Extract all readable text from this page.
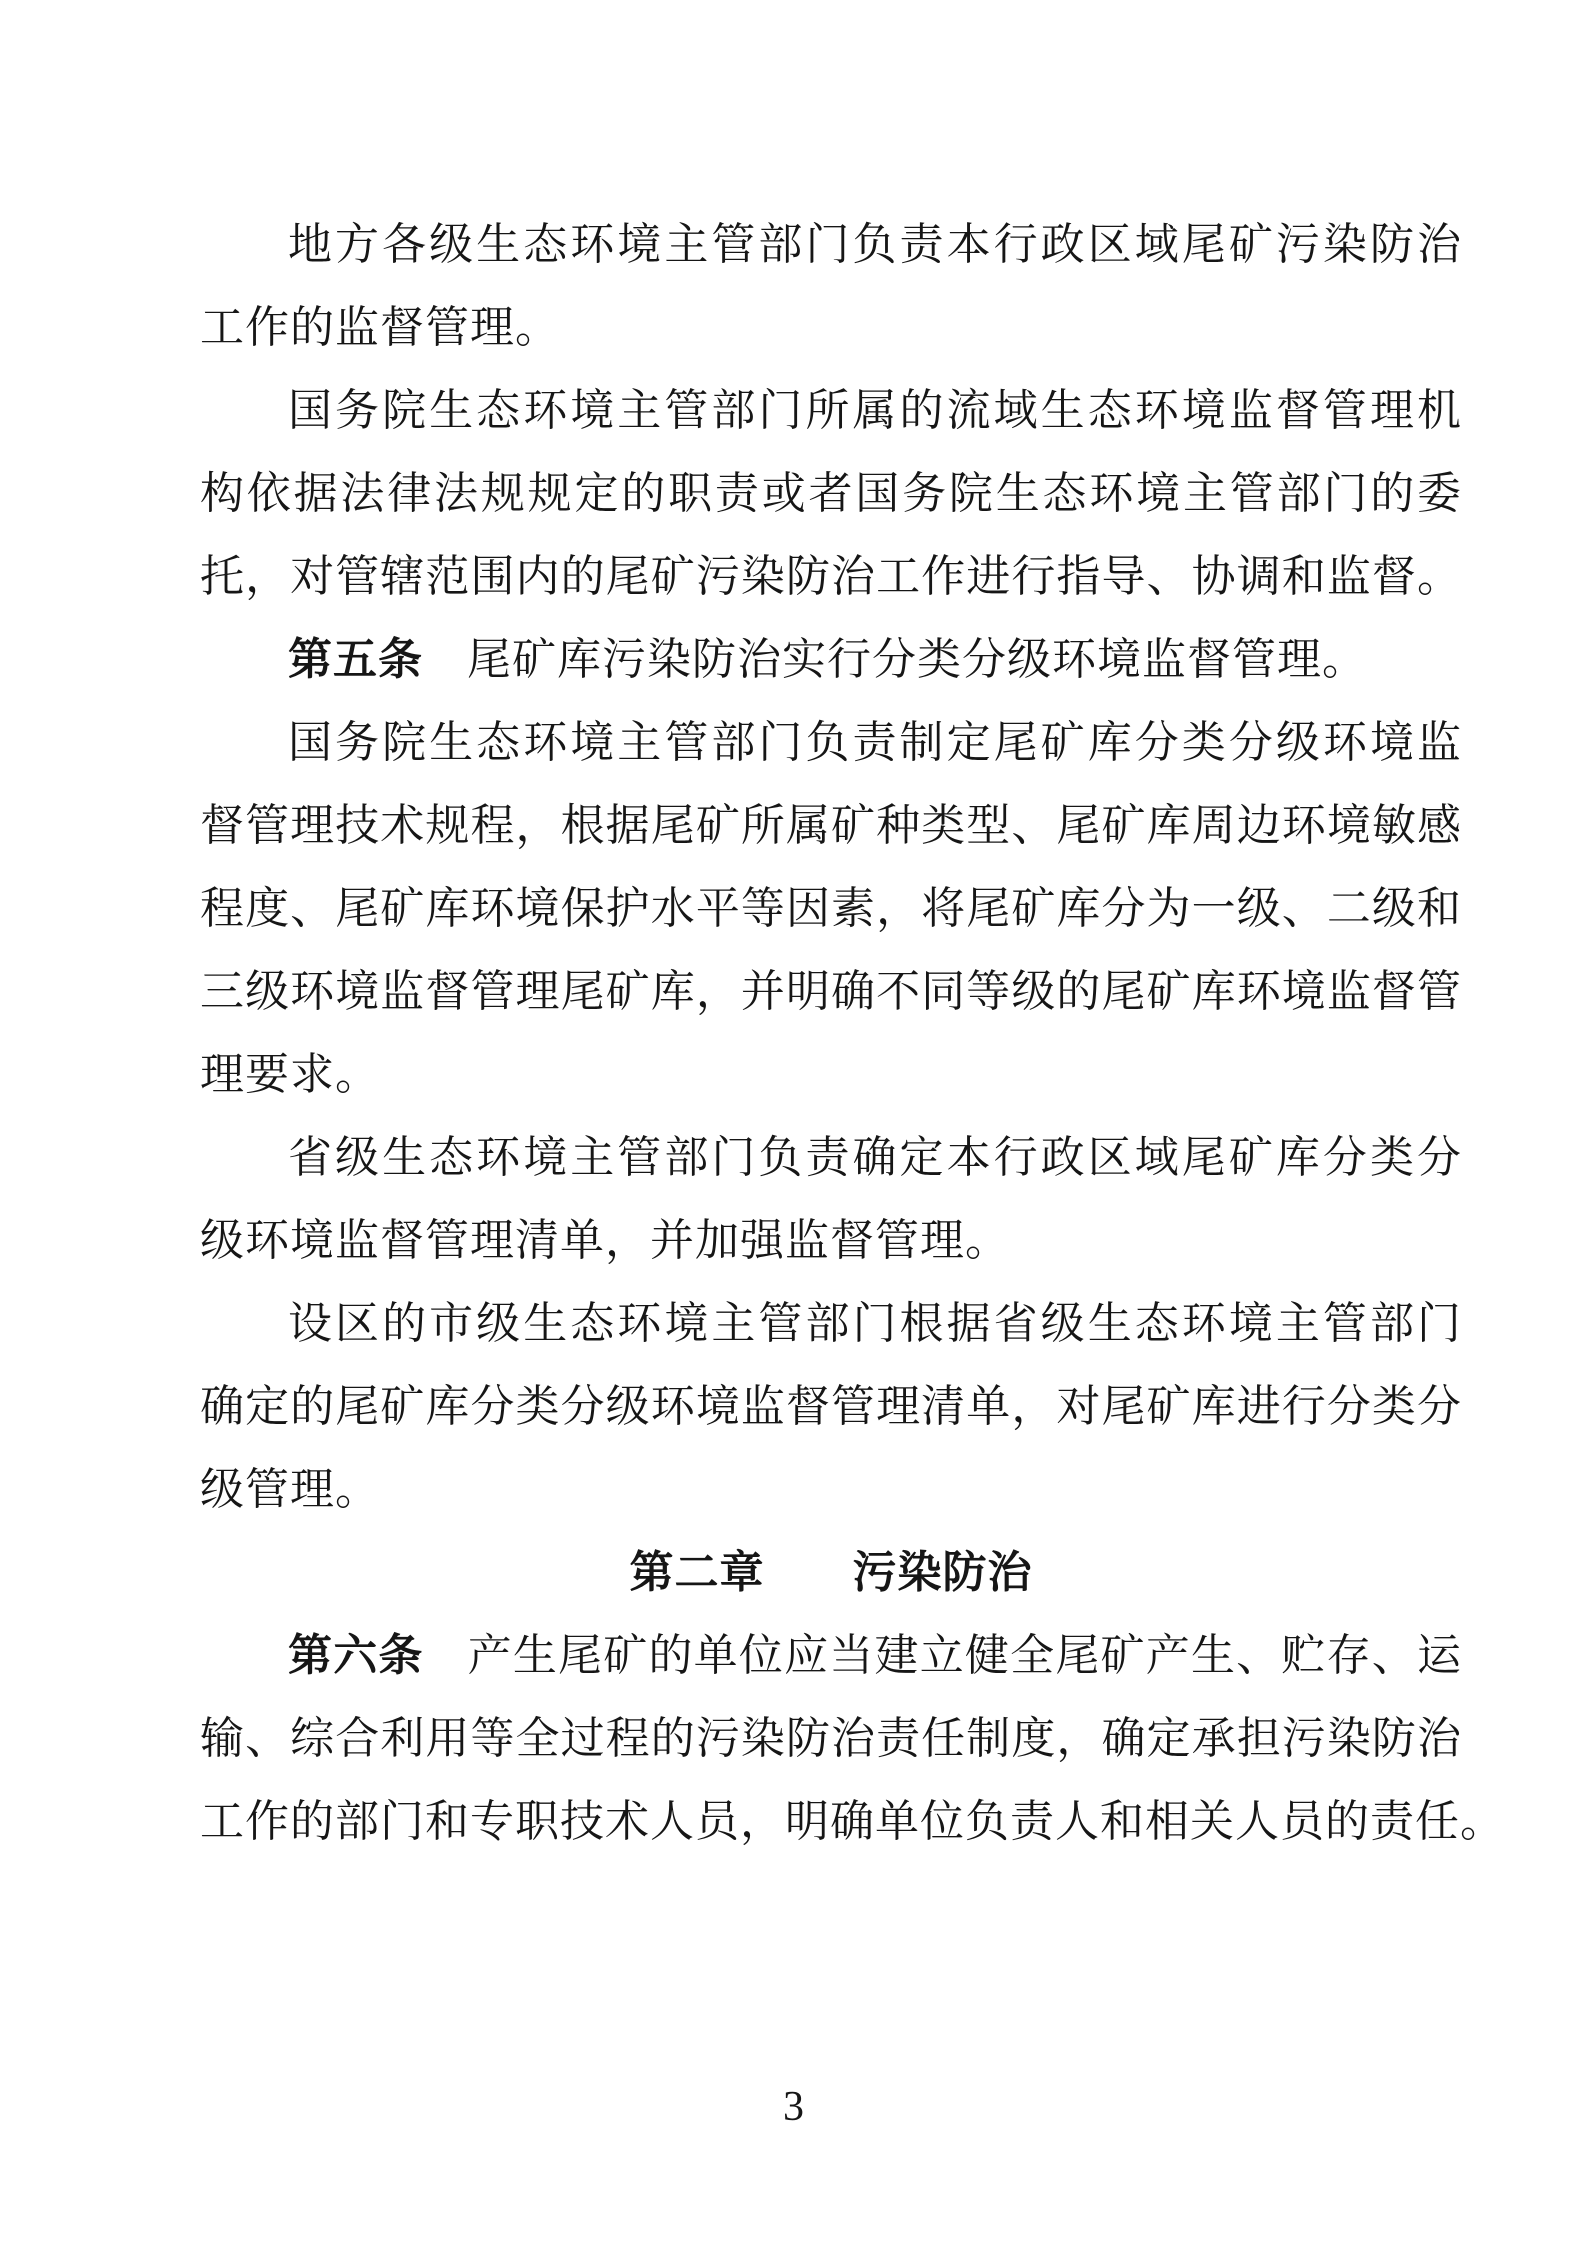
地方各级生态环境主管部门负责本行政区域尾矿污染防治
工作的监督管理。
国务院生态环境主管部门所属的流域生态环境监督管理机
构依据法律法规规定的职责或者国务院生态环境主管部门的委
托，对管辖范围内的尾矿污染防治工作进行指导、协调和监督。
第五条 尾矿库污染防治实行分类分级环境监督管理。
国务院生态环境主管部门负责制定尾矿库分类分级环境监
督管理技术规程，根据尾矿所属矿种类型、尾矿库周边环境敏感
程度、尾矿库环境保护水平等因素，将尾矿库分为一级、二级和
三级环境监督管理尾矿库，并明确不同等级的尾矿库环境监督管
理要求。
省级生态环境主管部门负责确定本行政区域尾矿库分类分
级环境监督管理清单，并加强监督管理。
设区的市级生态环境主管部门根据省级生态环境主管部门
确定的尾矿库分类分级环境监督管理清单，对尾矿库进行分类分
级管理。
第二章 污染防治
第六条 产生尾矿的单位应当建立健全尾矿产生、贮存、运
输、综合利用等全过程的污染防治责任制度，确定承担污染防治
工作的部门和专职技术人员，明确单位负责人和相关人员的责任。
3
